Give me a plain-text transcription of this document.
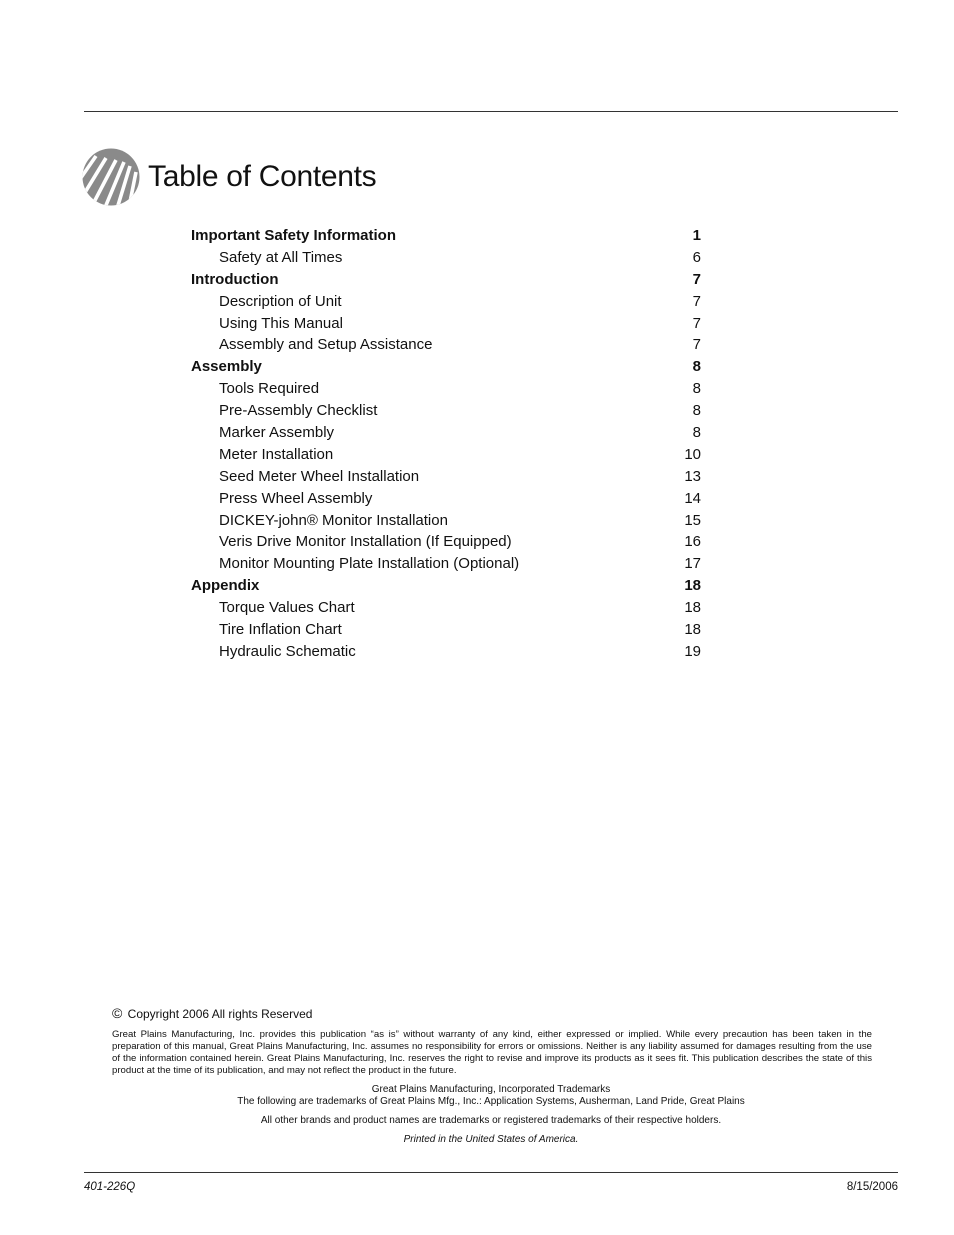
Table of Contents
Important Safety Information	1
Safety at All Times	6
Introduction	7
Description of Unit	7
Using This Manual	7
Assembly and Setup Assistance	7
Assembly	8
Tools Required	8
Pre-Assembly Checklist	8
Marker Assembly	8
Meter Installation	10
Seed Meter Wheel Installation	13
Press Wheel Assembly	14
DICKEY-john® Monitor Installation	15
Veris Drive Monitor Installation (If Equipped)	16
Monitor Mounting Plate Installation (Optional)	17
Appendix	18
Torque Values Chart	18
Tire Inflation Chart	18
Hydraulic Schematic	19
© Copyright 2006 All rights Reserved

Great Plains Manufacturing, Inc. provides this publication “as is” without warranty of any kind, either expressed or implied. While every precaution has been taken in the preparation of this manual, Great Plains Manufacturing, Inc. assumes no responsibility for errors or omissions. Neither is any liability assumed for damages resulting from the use of the information contained herein. Great Plains Manufacturing, Inc. reserves the right to revise and improve its products as it sees fit. This publication describes the state of this product at the time of its publication, and may not reflect the product in the future.

Great Plains Manufacturing, Incorporated Trademarks
The following are trademarks of Great Plains Mfg., Inc.: Application Systems, Ausherman, Land Pride, Great Plains
All other brands and product names are trademarks or registered trademarks of their respective holders.
Printed in the United States of America.
401-226Q	8/15/2006
